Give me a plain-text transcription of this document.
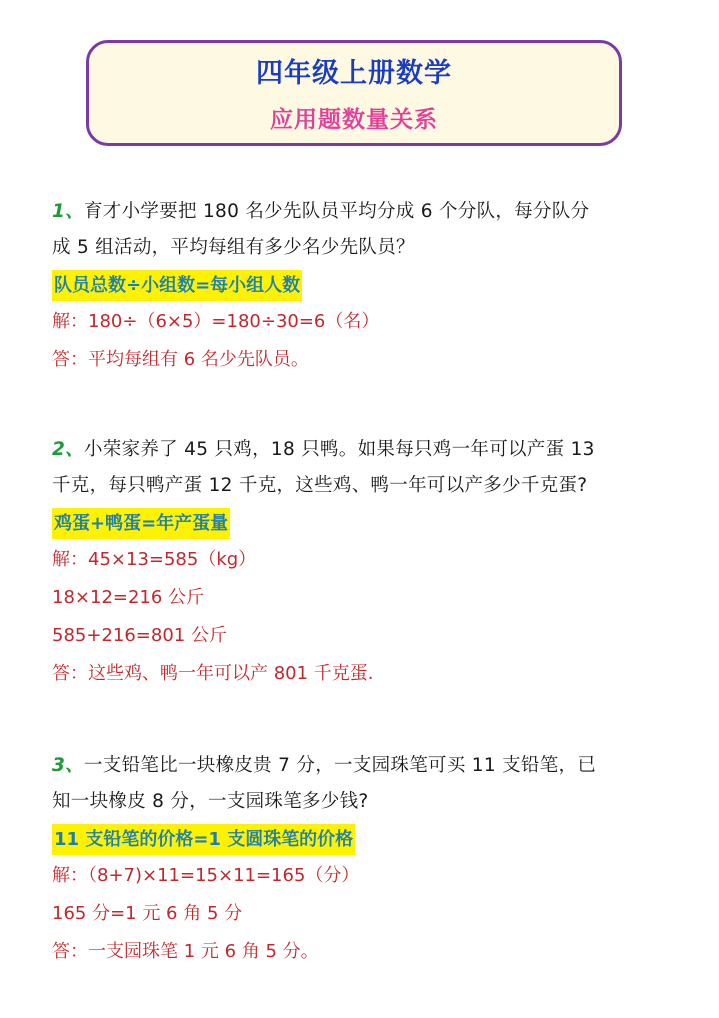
四年级上册数学
应用题数量关系

1、育才小学要把 180 名少先队员平均分成 6 个分队，每分队分

成 5 组活动，平均每组有多少名少先队员？

队员总数÷小组数=每小组人数

解：180÷（6×5）=180÷30=6（名）

答：平均每组有 6 名少先队员。

2、小荣家养了 45 只鸡，18 只鸭。如果每只鸡一年可以产蛋 13

千克，每只鸭产蛋 12 千克，这些鸡、鸭一年可以产多少千克蛋?

鸡蛋+鸭蛋=年产蛋量

解：45×13=585（kg）

18×12=216 公斤

585+216=801 公斤

答：这些鸡、鸭一年可以产 801 千克蛋.

3、一支铅笔比一块橡皮贵 7 分，一支园珠笔可买 11 支铅笔，已

知一块橡皮 8 分，一支园珠笔多少钱?

11 支铅笔的价格=1 支圆珠笔的价格

解：（8+7)×11=15×11=165（分）

165 分=1 元 6 角 5 分

答：一支园珠笔 1 元 6 角 5 分。
